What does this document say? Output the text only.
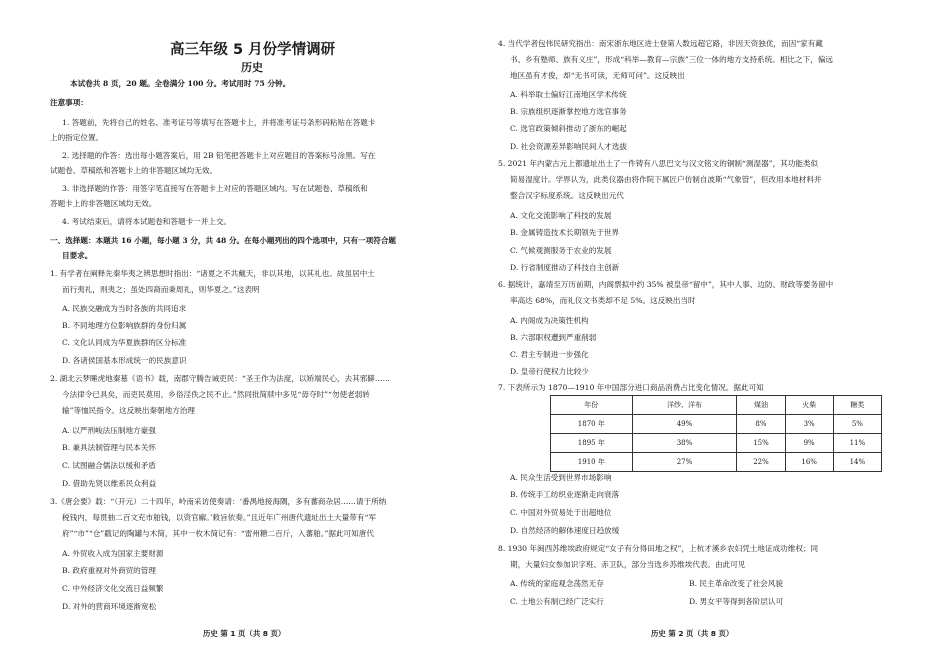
高三年级 5 月份学情调研
历史
本试卷共 8 页，20 题。全卷满分 100 分。考试用时 75 分钟。
注意事项：
1. 答题前，先将自己的姓名、准考证号等填写在答题卡上，并将准考证号条形码粘贴在答题卡
上的指定位置。
2. 选择题的作答：选出每小题答案后，用 2B 铅笔把答题卡上对应题目的答案标号涂黑。写在
试题卷、草稿纸和答题卡上的非答题区域均无效。
3. 非选择题的作答：用签字笔直接写在答题卡上对应的答题区域内。写在试题卷、草稿纸和
答题卡上的非答题区域均无效。
4. 考试结束后，请将本试题卷和答题卡一并上交。
一、选择题：本题共 16 小题，每小题 3 分，共 48 分。在每小题列出的四个选项中，只有一项符合题
目要求。
1. 有学者在阐释先秦华夷之辨思想时指出：“诸夏之不共戴天，非以其地，以其礼也。故虽居中土
而行夷礼，则夷之；虽处四裔而秉周礼，则华夏之。”这表明
A. 民族交融成为当时各族的共同追求
B. 不同地理方位影响族群的身份归属
C. 文化认同成为华夏族群的区分标准
D. 各诸侯国基本形成统一的民族意识
2. 湖北云梦睡虎地秦墓《语书》载，南郡守腾告诫吏民：“圣王作为法度，以矫端民心，去其邪僻……
今法律令已具矣，而吏民莫用，乡俗淫佚之民不止。”然同批简牍中多见“毋夺时”“勿使老弱转
输”等恤民指令。这反映出秦朝地方治理
A. 以严刑峻法压制地方豪强
B. 兼具法制管理与民本关怀
C. 试图融合儒法以缓和矛盾
D. 借助先贤以维系民众利益
3.《唐会要》载：“（开元）二十四年，岭南采访使奏请：‘番禺地接海隅，多有蕃商杂居……请于所纳
税钱内，每贯抽二百文充市舶钱，以资官廨。’敕旨依奏。”且近年广州唐代遗址出土大量带有“军
府”“市”“仓”戳记的陶罐与木简，其中一枚木简记有：“雷州糖二百斤，入蕃舶。”据此可知唐代
A. 外贸收入成为国家主要财源
B. 政府重视对外商贸的管理
C. 中外经济文化交流日益频繁
D. 对外的营商环境逐渐宽松
历史 第 1 页（共 8 页）
4. 当代学者包伟民研究指出：南宋浙东地区进士登第人数远超它路，非因天资独优，而因“家有藏
书、乡有塾师、族有义庄”，形成“科举—教育—宗族”三位一体的地方支持系统。相比之下，偏远
地区虽有才俊，却“无书可读，无师可问”。这反映出
A. 科举取士偏好江南地区学术传统
B. 宗族组织逐渐掌控地方选官事务
C. 选官政策倾斜推动了浙东的崛起
D. 社会资源差异影响民间人才选拔
5. 2021 年内蒙古元上都遗址出土了一件铸有八思巴文与汉文铭文的铜制“测湿器”，其功能类似
简易湿度计。学界认为，此类仪器由将作院下属匠户仿制自波斯“气象管”，但改用本地材料并
整合汉字标度系统。这反映出元代
A. 文化交流影响了科技的发展
B. 金属铸造技术长期领先于世界
C. 气候观测服务于农业的发展
D. 行省制度推动了科技自主创新
6. 据统计，嘉靖至万历前期，内阁票拟中约 35% 被皇帝“留中”，其中人事、边防、财政等要务留中
率高达 68%，而礼仪文书类却不足 5%。这反映出当时
A. 内阁成为决策性机构
B. 六部职权遭到严重削弱
C. 君主专制进一步强化
D. 皇帝行使权力比较少
7. 下表所示为 1870—1910 年中国部分进口商品消费占比变化情况。据此可知
年份	洋纱、洋布	煤油	火柴	糖类
1870 年	49%	8%	3%	5%
1895 年	38%	15%	9%	11%
1910 年	27%	22%	16%	14%
A. 民众生活受到世界市场影响
B. 传统手工纺织业逐渐走向衰落
C. 中国对外贸易处于出超地位
D. 自然经济的解体速度日趋放缓
8. 1930 年闽西苏维埃政府规定“女子有分得田地之权”，上杭才溪乡农妇凭土地证成功维权；同
期，大量妇女参加识字班、赤卫队，部分当选乡苏维埃代表。由此可见
A. 传统的家庭观念荡然无存	B. 民主革命改变了社会风貌
C. 土地公有制已经广泛实行	D. 男女平等得到各阶层认可
历史 第 2 页（共 8 页）
